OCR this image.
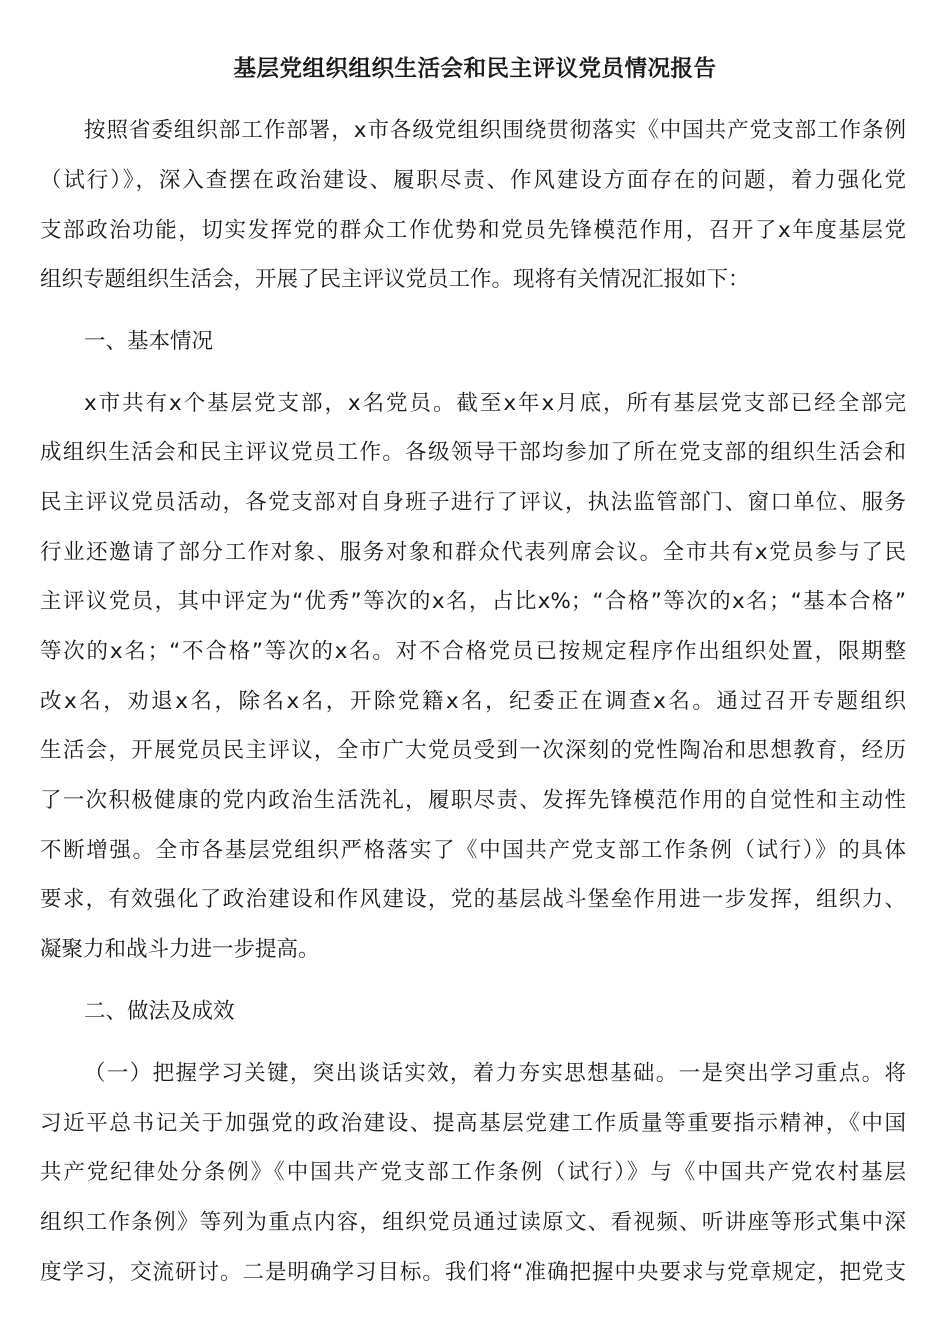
基层党组织组织生活会和民主评议党员情况报告
按照省委组织部工作部署，x市各级党组织围绕贯彻落实《中国共产党支部工作条例
（试行）》，深入查摆在政治建设、履职尽责、作风建设方面存在的问题，着力强化党
支部政治功能，切实发挥党的群众工作优势和党员先锋模范作用，召开了x年度基层党
组织专题组织生活会，开展了民主评议党员工作。现将有关情况汇报如下：
一、基本情况
x市共有x个基层党支部，x名党员。截至x年x月底，所有基层党支部已经全部完
成组织生活会和民主评议党员工作。各级领导干部均参加了所在党支部的组织生活会和
民主评议党员活动，各党支部对自身班子进行了评议，执法监管部门、窗口单位、服务
行业还邀请了部分工作对象、服务对象和群众代表列席会议。全市共有x党员参与了民
主评议党员，其中评定为“优秀”等次的x名，占比x%；“合格”等次的x名；“基本合格”
等次的x名；“不合格”等次的x名。对不合格党员已按规定程序作出组织处置，限期整
改x名，劝退x名，除名x名，开除党籍x名，纪委正在调查x名。通过召开专题组织
生活会，开展党员民主评议，全市广大党员受到一次深刻的党性陶冶和思想教育，经历
了一次积极健康的党内政治生活洗礼，履职尽责、发挥先锋模范作用的自觉性和主动性
不断增强。全市各基层党组织严格落实了《中国共产党支部工作条例（试行）》的具体
要求，有效强化了政治建设和作风建设，党的基层战斗堡垒作用进一步发挥，组织力、
凝聚力和战斗力进一步提高。
二、做法及成效
（一）把握学习关键，突出谈话实效，着力夯实思想基础。一是突出学习重点。将
习近平总书记关于加强党的政治建设、提高基层党建工作质量等重要指示精神，《中国
共产党纪律处分条例》《中国共产党支部工作条例（试行）》与《中国共产党农村基层
组织工作条例》等列为重点内容，组织党员通过读原文、看视频、听讲座等形式集中深
度学习，交流研讨。二是明确学习目标。我们将“准确把握中央要求与党章规定，把党支
